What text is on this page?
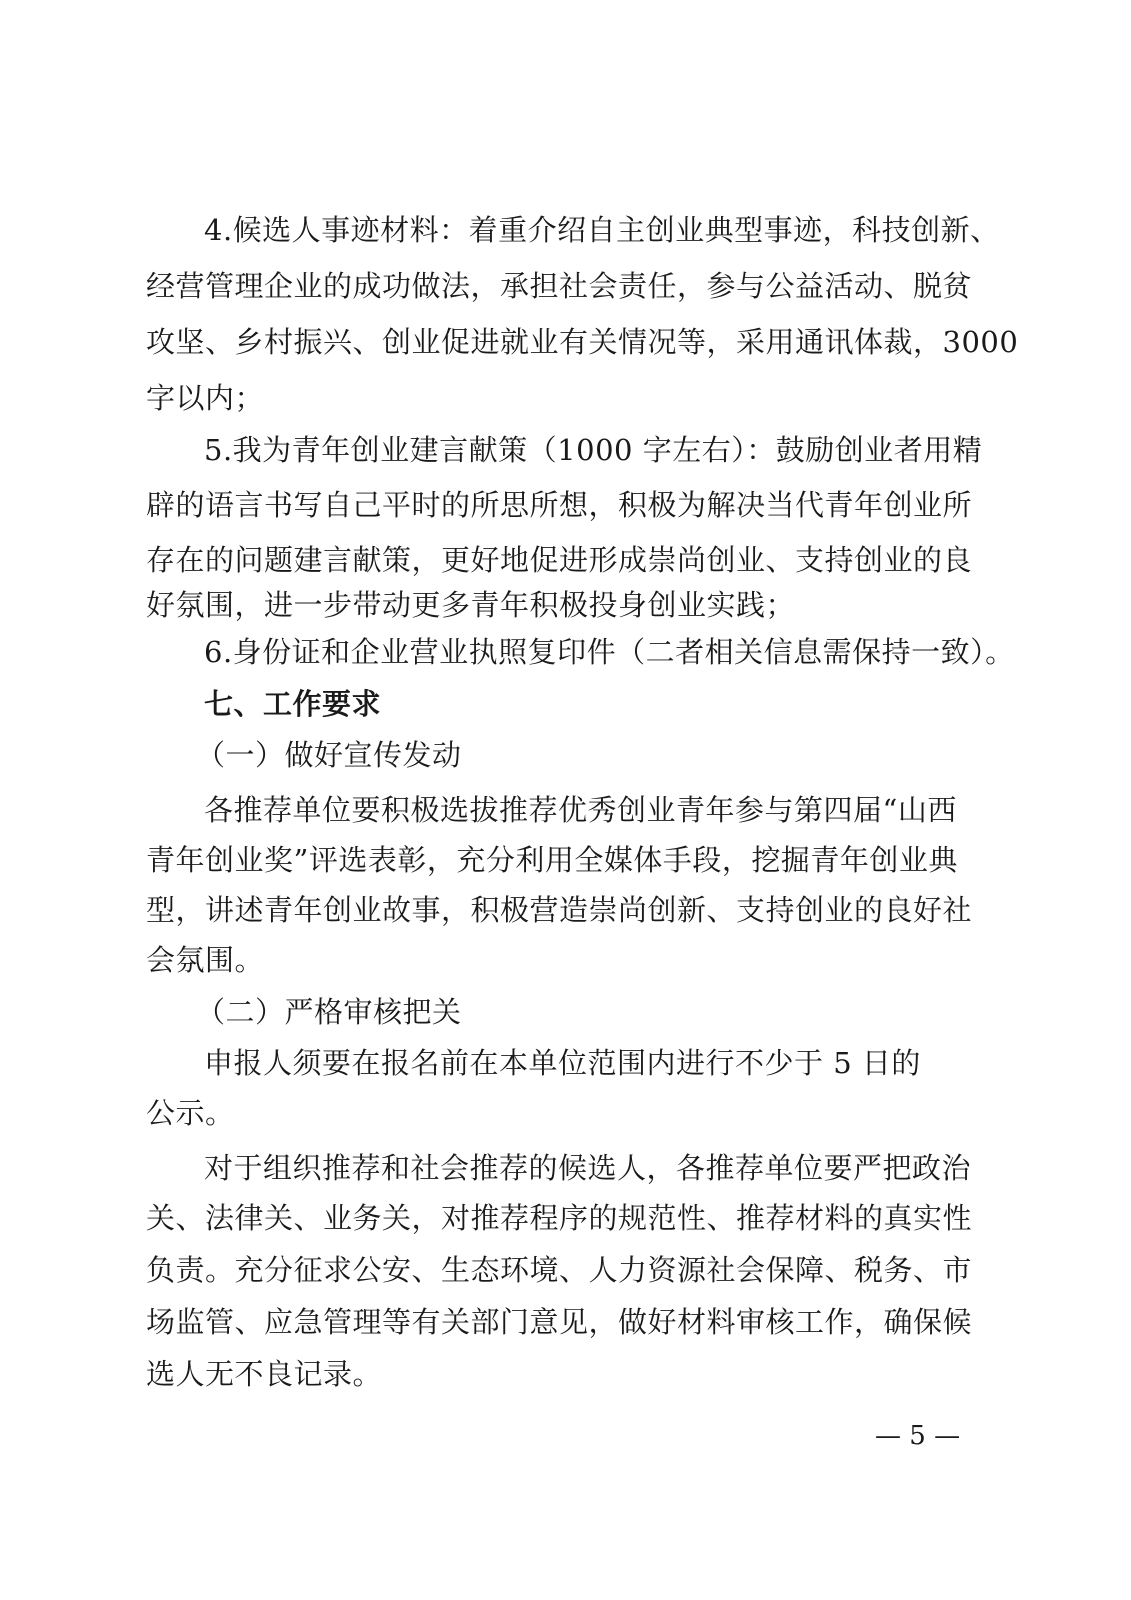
4.候选人事迹材料：着重介绍自主创业典型事迹，科技创新、
经营管理企业的成功做法，承担社会责任，参与公益活动、脱贫
攻坚、乡村振兴、创业促进就业有关情况等，采用通讯体裁，3000
字以内；
5.我为青年创业建言献策（1000 字左右）：鼓励创业者用精
辟的语言书写自己平时的所思所想，积极为解决当代青年创业所
存在的问题建言献策，更好地促进形成崇尚创业、支持创业的良
好氛围，进一步带动更多青年积极投身创业实践；
6.身份证和企业营业执照复印件（二者相关信息需保持一致）。
七、工作要求
（一）做好宣传发动
各推荐单位要积极选拔推荐优秀创业青年参与第四届“山西
青年创业奖”评选表彰，充分利用全媒体手段，挖掘青年创业典
型，讲述青年创业故事，积极营造崇尚创新、支持创业的良好社
会氛围。
（二）严格审核把关
申报人须要在报名前在本单位范围内进行不少于 5 日的
公示。
对于组织推荐和社会推荐的候选人，各推荐单位要严把政治
关、法律关、业务关，对推荐程序的规范性、推荐材料的真实性
负责。充分征求公安、生态环境、人力资源社会保障、税务、市
场监管、应急管理等有关部门意见，做好材料审核工作，确保候
选人无不良记录。
— 5 —
